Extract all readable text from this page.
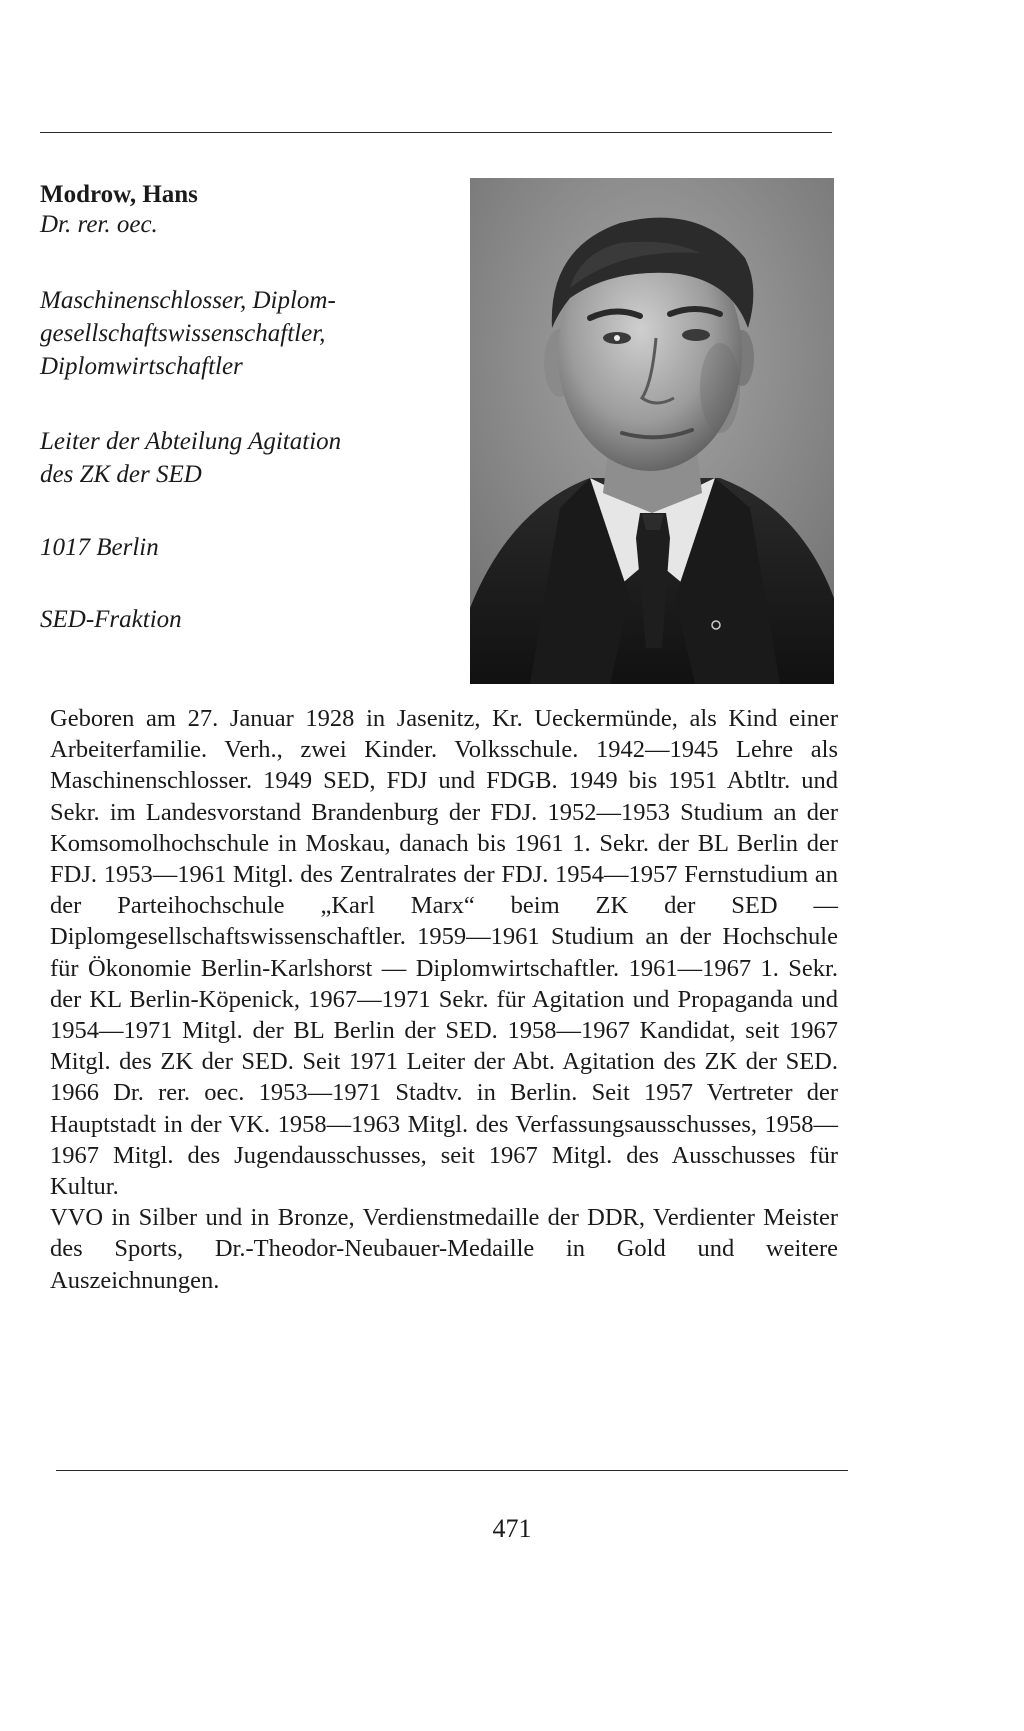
Modrow, Hans

Dr. rer. oec.

Maschinenschlosser, Diplom-
gesellschaftswissenschaftler,
Diplomwirtschaftler

Leiter der Abteilung Agitation
des ZK der SED

1017 Berlin

SED-Fraktion

Geboren am 27. Januar 1928 in Jasenitz, Kr. Ueckermünde, als Kind einer Arbeiterfamilie. Verh., zwei Kinder. Volksschule. 1942—1945 Lehre als Maschinenschlosser. 1949 SED, FDJ und FDGB. 1949 bis 1951 Abtltr. und Sekr. im Landesvorstand Brandenburg der FDJ. 1952—1953 Studium an der Komsomolhochschule in Moskau, danach bis 1961 1. Sekr. der BL Berlin der FDJ. 1953—1961 Mitgl. des Zentralrates der FDJ. 1954—1957 Fernstudium an der Parteihochschule „Karl Marx“ beim ZK der SED — Diplomgesellschaftswissenschaftler. 1959—1961 Studium an der Hochschule für Ökonomie Berlin-Karlshorst — Diplomwirtschaftler. 1961—1967 1. Sekr. der KL Berlin-Köpenick, 1967—1971 Sekr. für Agitation und Propaganda und 1954—1971 Mitgl. der BL Berlin der SED. 1958—1967 Kandidat, seit 1967 Mitgl. des ZK der SED. Seit 1971 Leiter der Abt. Agitation des ZK der SED. 1966 Dr. rer. oec. 1953—1971 Stadtv. in Berlin. Seit 1957 Vertreter der Hauptstadt in der VK. 1958—1963 Mitgl. des Verfassungsausschusses, 1958—1967 Mitgl. des Jugendausschusses, seit 1967 Mitgl. des Ausschusses für Kultur.

VVO in Silber und in Bronze, Verdienstmedaille der DDR, Verdienter Meister des Sports, Dr.-Theodor-Neubauer-Medaille in Gold und weitere Auszeichnungen.

471
